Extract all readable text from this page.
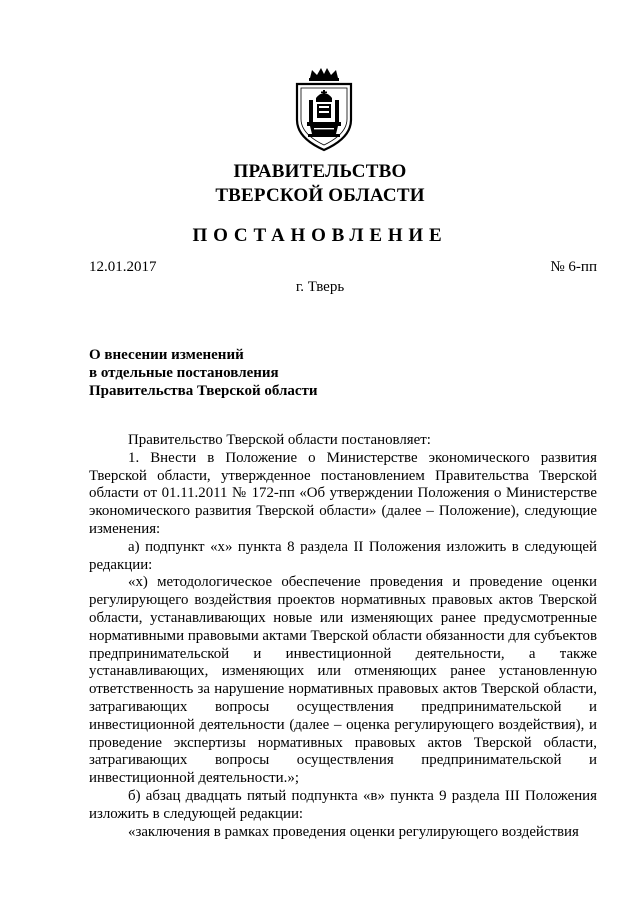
ПРАВИТЕЛЬСТВО
ТВЕРСКОЙ ОБЛАСТИ
ПОСТАНОВЛЕНИЕ
12.01.2017	№ 6-пп
г. Тверь
О внесении изменений
в отдельные постановления
Правительства Тверской области

Правительство Тверской области постановляет:

1. Внести в Положение о Министерстве экономического развития Тверской области, утвержденное постановлением Правительства Тверской области от 01.11.2011 № 172-пп «Об утверждении Положения о Министерстве экономического развития Тверской области» (далее – Положение), следующие изменения:

а) подпункт «х» пункта 8 раздела II Положения изложить в следующей редакции:

«х) методологическое обеспечение проведения и проведение оценки регулирующего воздействия проектов нормативных правовых актов Тверской области, устанавливающих новые или изменяющих ранее предусмотренные нормативными правовыми актами Тверской области обязанности для субъектов предпринимательской и инвестиционной деятельности, а также устанавливающих, изменяющих или отменяющих ранее установленную ответственность за нарушение нормативных правовых актов Тверской области, затрагивающих вопросы осуществления предпринимательской и инвестиционной деятельности (далее – оценка регулирующего воздействия), и проведение экспертизы нормативных правовых актов Тверской области, затрагивающих вопросы осуществления предпринимательской и инвестиционной деятельности.»;

б) абзац двадцать пятый подпункта «в» пункта 9 раздела III Положения изложить в следующей редакции:

«заключения в рамках проведения оценки регулирующего воздействия
